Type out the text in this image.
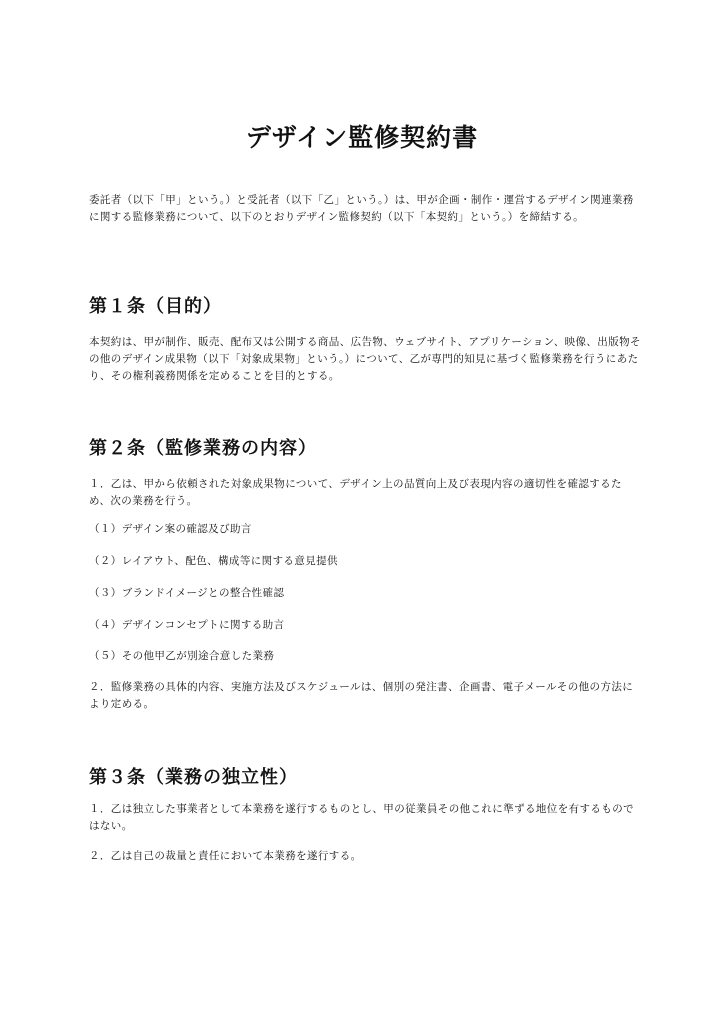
デザイン監修契約書

委託者（以下「甲」という。）と受託者（以下「乙」という。）は、甲が企画・制作・運営するデザイン関連業務に関する監修業務について、以下のとおりデザイン監修契約（以下「本契約」という。）を締結する。

第１条（目的）

本契約は、甲が制作、販売、配布又は公開する商品、広告物、ウェブサイト、アプリケーション、映像、出版物その他のデザイン成果物（以下「対象成果物」という。）について、乙が専門的知見に基づく監修業務を行うにあたり、その権利義務関係を定めることを目的とする。

第２条（監修業務の内容）

１．乙は、甲から依頼された対象成果物について、デザイン上の品質向上及び表現内容の適切性を確認するため、次の業務を行う。

（１）デザイン案の確認及び助言

（２）レイアウト、配色、構成等に関する意見提供

（３）ブランドイメージとの整合性確認

（４）デザインコンセプトに関する助言

（５）その他甲乙が別途合意した業務

２．監修業務の具体的内容、実施方法及びスケジュールは、個別の発注書、企画書、電子メールその他の方法により定める。

第３条（業務の独立性）

１．乙は独立した事業者として本業務を遂行するものとし、甲の従業員その他これに準ずる地位を有するものではない。

２．乙は自己の裁量と責任において本業務を遂行する。
